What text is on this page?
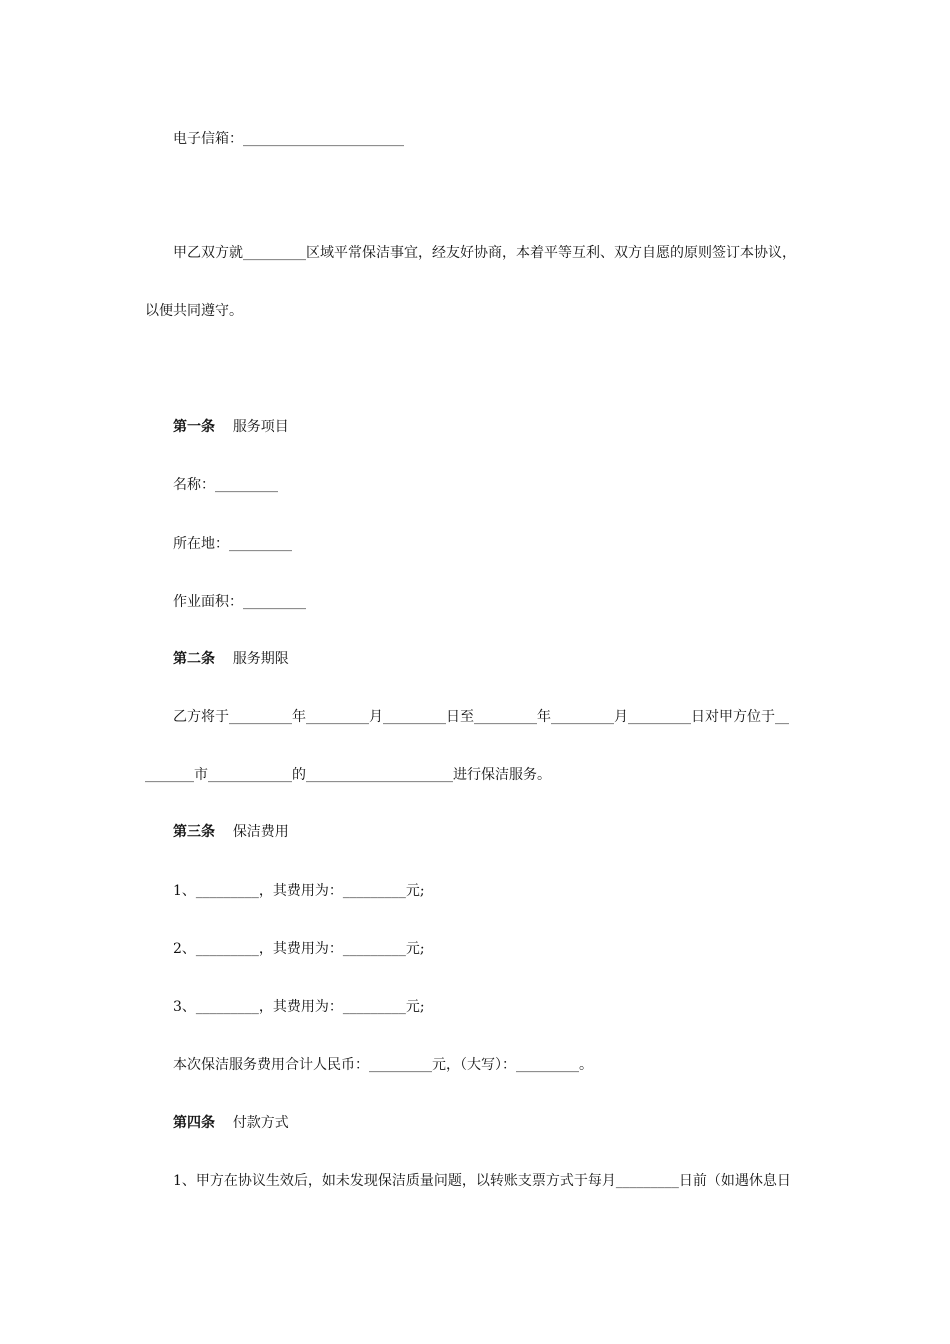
电子信箱：_______________________
甲乙双方就_________区域平常保洁事宜，经友好协商，本着平等互利、双方自愿的原则签订本协议，
以便共同遵守。
第一条 服务项目
名称：_________
所在地：_________
作业面积：_________
第二条 服务期限
乙方将于_________年_________月_________日至_________年_________月_________日对甲方位于__
_______市____________的_____________________进行保洁服务。
第三条 保洁费用
1、_________，其费用为：_________元;
2、_________，其费用为：_________元;
3、_________，其费用为：_________元;
本次保洁服务费用合计人民币：_________元，（大写）：_________。
第四条 付款方式
1、甲方在协议生效后，如未发现保洁质量问题，以转账支票方式于每月_________日前（如遇休息日
